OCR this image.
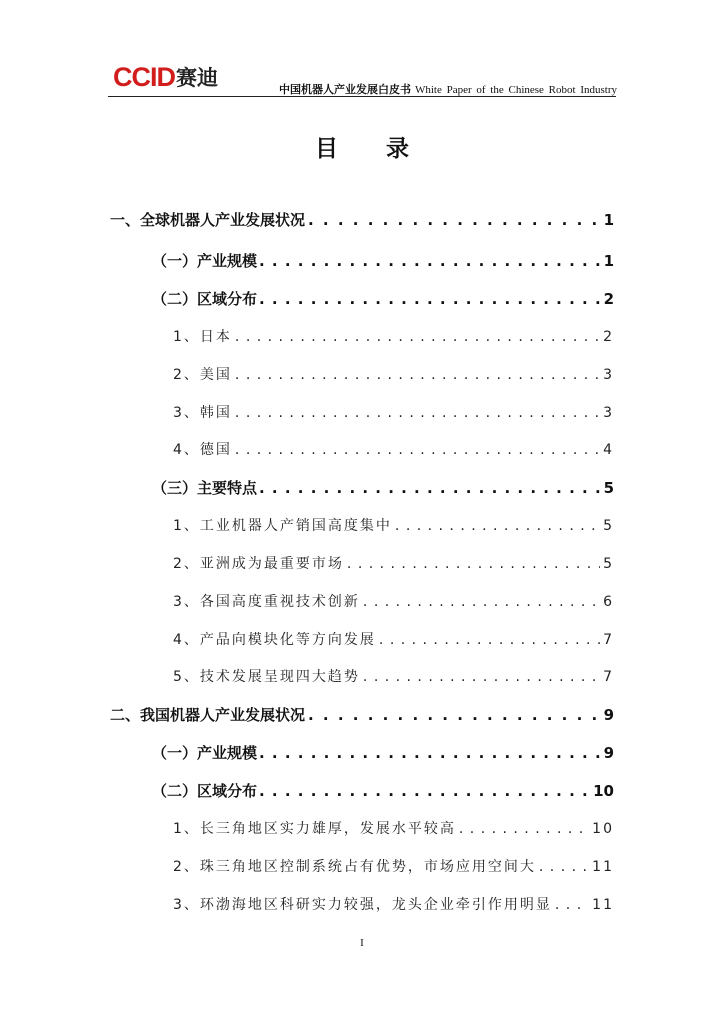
CCID 赛迪	中国机器人产业发展白皮书 White Paper of the Chinese Robot Industry
目 录
一、全球机器人产业发展状况 . . .	1
（一）产业规模 . . .	1
（二）区域分布 . . .	2
1、日本 . . .	2
2、美国 . . .	3
3、韩国 . . .	3
4、德国 . . .	4
（三）主要特点 . . .	5
1、工业机器人产销国高度集中 . . .	5
2、亚洲成为最重要市场 . . .	5
3、各国高度重视技术创新 . . .	6
4、产品向模块化等方向发展 . . .	7
5、技术发展呈现四大趋势 . . .	7
二、我国机器人产业发展状况 . . .	9
（一）产业规模 . . .	9
（二）区域分布 . . .	10
1、长三角地区实力雄厚，发展水平较高 . . .	10
2、珠三角地区控制系统占有优势，市场应用空间大 . . .	11
3、环渤海地区科研实力较强，龙头企业牵引作用明显 . . .	11
I
